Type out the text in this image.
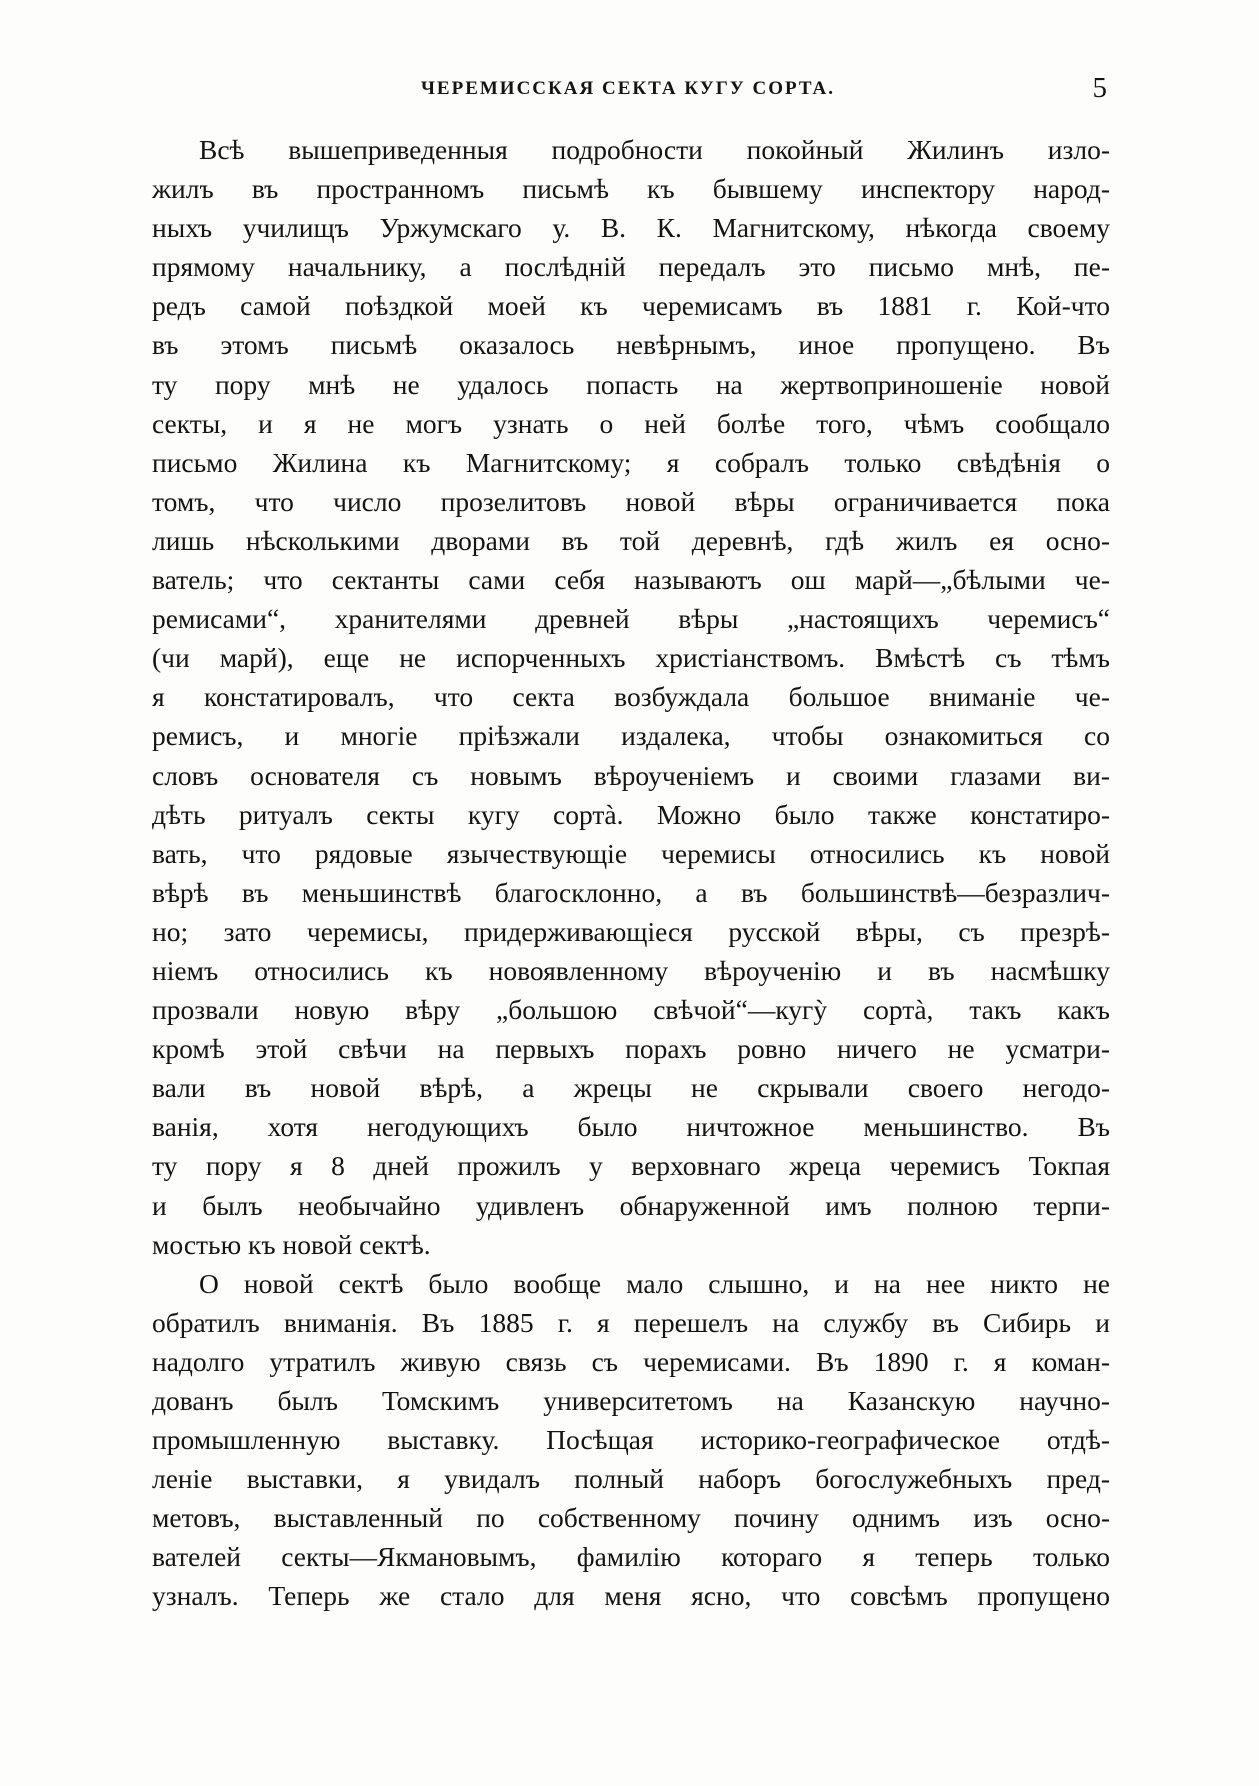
ЧЕРЕМИССКАЯ СЕКТА КУГУ СОРТА.	5
Всѣ вышеприведенныя подробности покойный Жилинъ изло-
жилъ въ пространномъ письмѣ къ бывшему инспектору народ-
ныхъ училищъ Уржумскаго у. В. К. Магнитскому, нѣкогда своему
прямому начальнику, а послѣдній передалъ это письмо мнѣ, пе-
редъ самой поѣздкой моей къ черемисамъ въ 1881 г. Кой-что
въ этомъ письмѣ оказалось невѣрнымъ, иное пропущено. Въ
ту пору мнѣ не удалось попасть на жертвоприношеніе новой
секты, и я не могъ узнать о ней болѣе того, чѣмъ сообщало
письмо Жилина къ Магнитскому; я собралъ только свѣдѣнія о
томъ, что число прозелитовъ новой вѣры ограничивается пока
лишь нѣсколькими дворами въ той деревнѣ, гдѣ жилъ ея осно-
ватель; что сектанты сами себя называютъ ош марй—„бѣлыми че-
ремисами“, хранителями древней вѣры „настоящихъ черемисъ“
(чи марй), еще не испорченныхъ христіанствомъ. Вмѣстѣ съ тѣмъ
я констатировалъ, что секта возбуждала большое вниманіе че-
ремисъ, и многіе пріѣзжали издалека, чтобы ознакомиться со
словъ основателя съ новымъ вѣроученіемъ и своими глазами ви-
дѣть ритуалъ секты кугу сортà. Можно было также констатиро-
вать, что рядовые язычествующіе черемисы относились къ новой
вѣрѣ въ меньшинствѣ благосклонно, а въ большинствѣ—безразлич-
но; зато черемисы, придерживающіеся русской вѣры, съ презрѣ-
ніемъ относились къ новоявленному вѣроученію и въ насмѣшку
прозвали новую вѣру „большою свѣчой“—кугỳ сортà, такъ какъ
кромѣ этой свѣчи на первыхъ порахъ ровно ничего не усматри-
вали въ новой вѣрѣ, а жрецы не скрывали своего негодо-
ванія, хотя негодующихъ было ничтожное меньшинство. Въ
ту пору я 8 дней прожилъ у верховнаго жреца черемисъ Токпая
и былъ необычайно удивленъ обнаруженной имъ полною терпи-
мостью къ новой сектѣ.
О новой сектѣ было вообще мало слышно, и на нее никто не
обратилъ вниманія. Въ 1885 г. я перешелъ на службу въ Сибирь и
надолго утратилъ живую связь съ черемисами. Въ 1890 г. я коман-
дованъ былъ Томскимъ университетомъ на Казанскую научно-
промышленную выставку. Посѣщая историко-географическое отдѣ-
леніе выставки, я увидалъ полный наборъ богослужебныхъ пред-
метовъ, выставленный по собственному почину однимъ изъ осно-
вателей секты—Якмановымъ, фамилію котораго я теперь только
узналъ. Теперь же стало для меня ясно, что совсѣмъ пропущено
